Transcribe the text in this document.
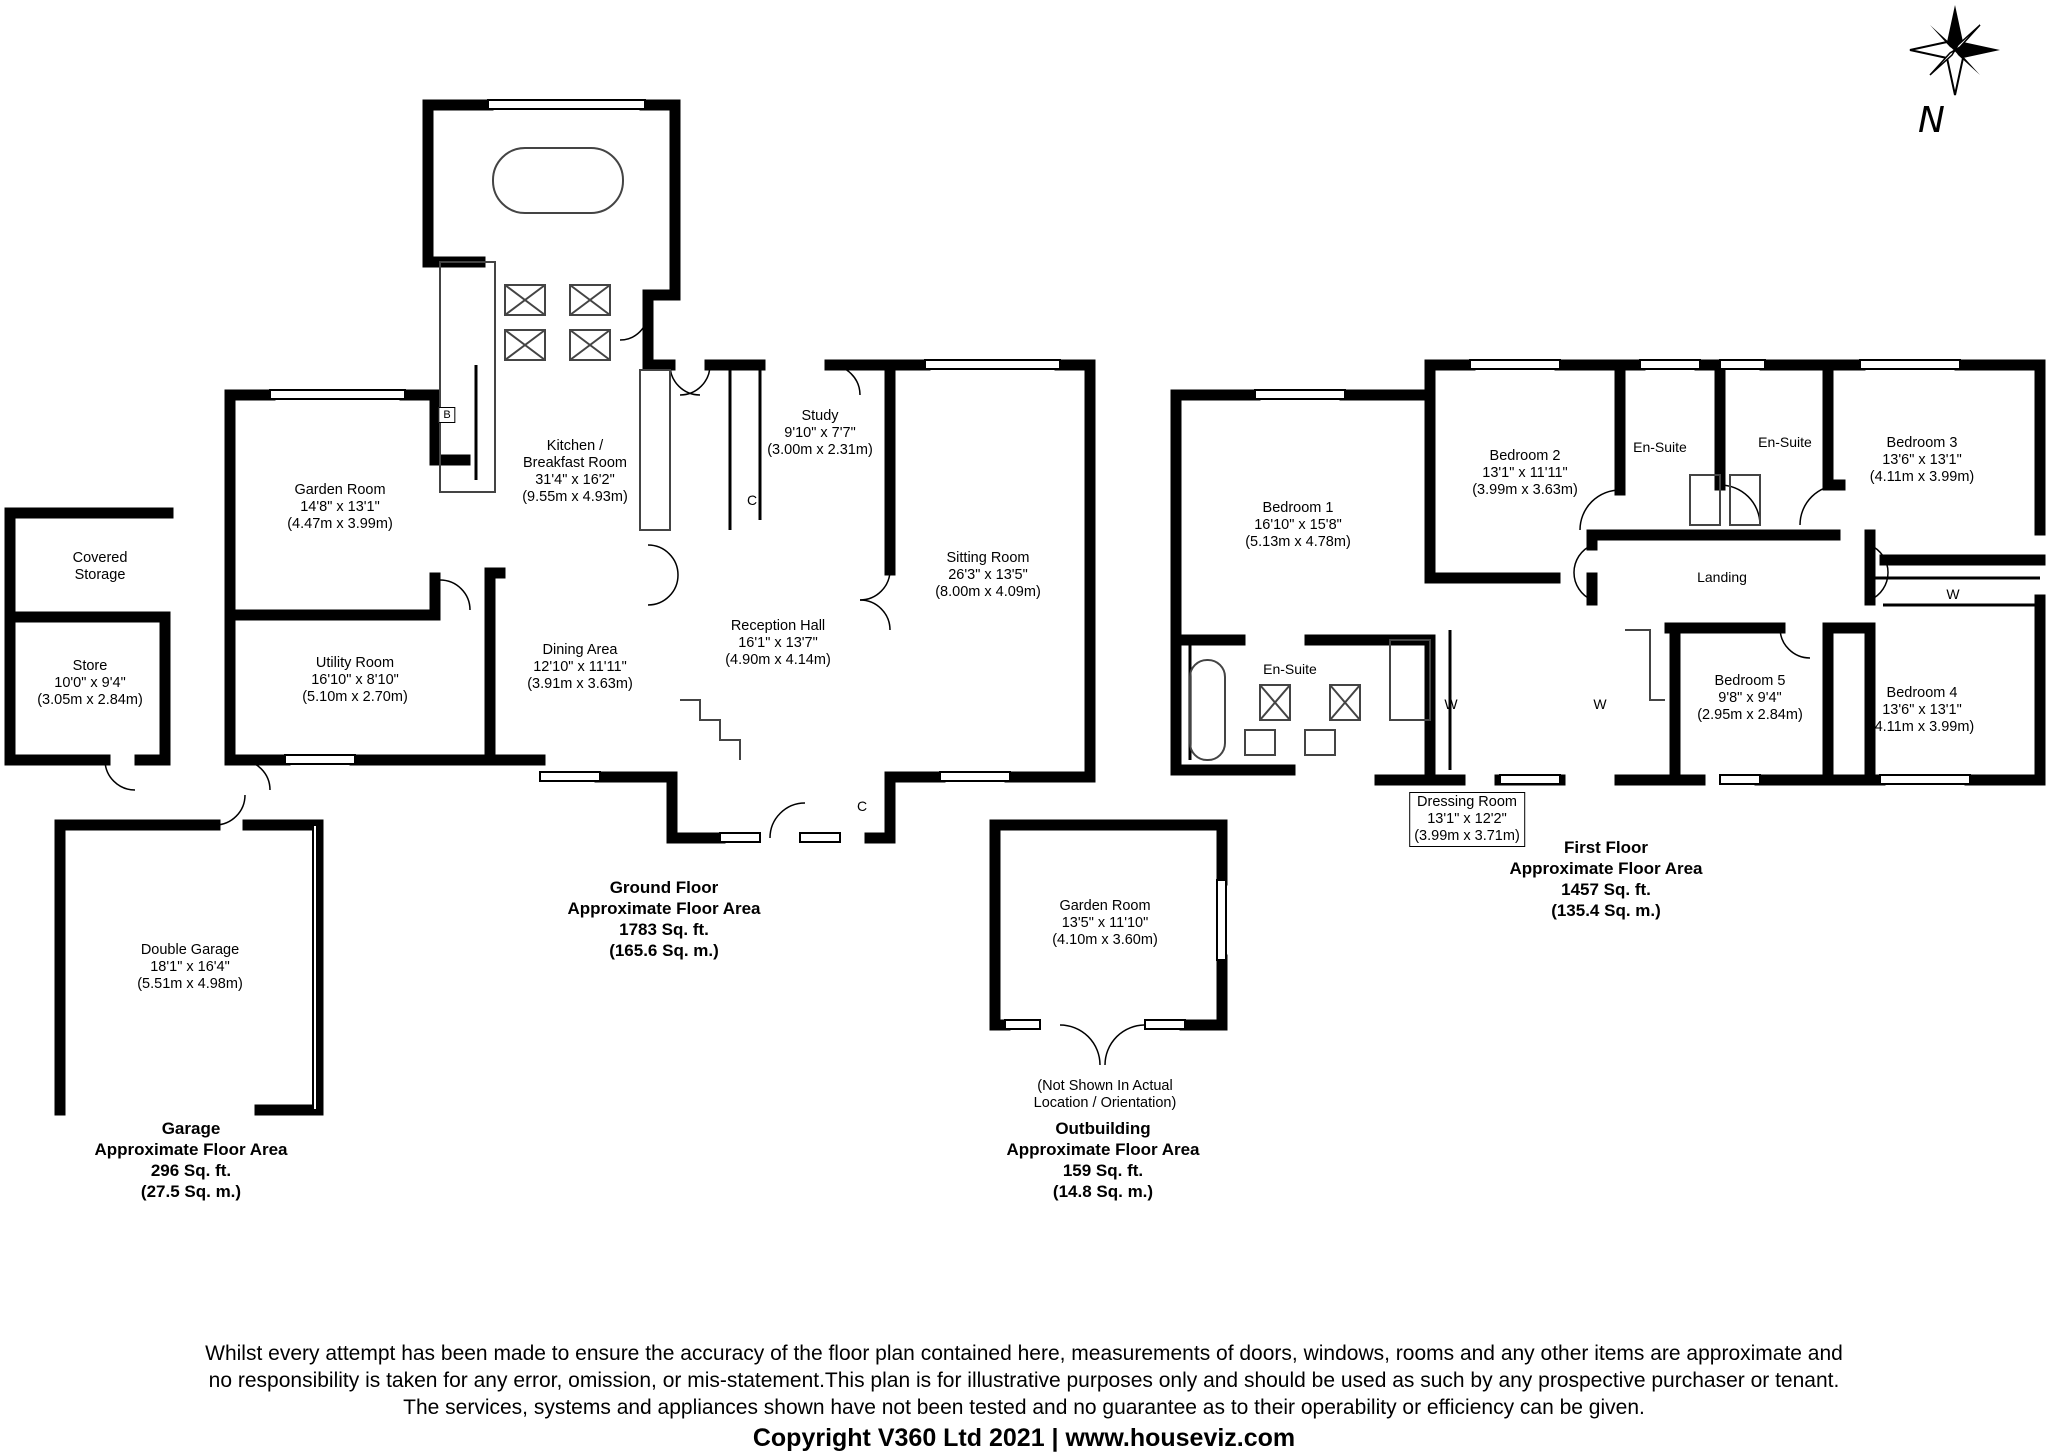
Kitchen /
Breakfast Room
31'4" x 16'2"
(9.55m x 4.93m)
Garden Room
14'8" x 13'1"
(4.47m x 3.99m)
Study
9'10" x 7'7"
(3.00m x 2.31m)
Sitting Room
26'3" x 13'5"
(8.00m x 4.09m)
Reception Hall
16'1" x 13'7"
(4.90m x 4.14m)
Dining Area
12'10" x 11'11"
(3.91m x 3.63m)
Utility Room
16'10" x 8'10"
(5.10m x 2.70m)
B
C
C
Covered
Storage
Store
10'0" x 9'4"
(3.05m x 2.84m)
Double Garage
18'1" x 16'4"
(5.51m x 4.98m)
Garden Room
13'5" x 11'10"
(4.10m x 3.60m)
(Not Shown In Actual
Location / Orientation)
Bedroom 1
16'10" x 15'8"
(5.13m x 4.78m)
Bedroom 2
13'1" x 11'11"
(3.99m x 3.63m)
Bedroom 3
13'6" x 13'1"
(4.11m x 3.99m)
Bedroom 4
13'6" x 13'1"
(4.11m x 3.99m)
Bedroom 5
9'8" x 9'4"
(2.95m x 2.84m)
Dressing Room
13'1" x 12'2"
(3.99m x 3.71m)
En-Suite	En-Suite
En-Suite
Landing
W
W
W	W
Ground Floor
Approximate Floor Area
1783 Sq. ft.
(165.6 Sq. m.)
Garage
Approximate Floor Area
296 Sq. ft.
(27.5 Sq. m.)
Outbuilding
Approximate Floor Area
159 Sq. ft.
(14.8 Sq. m.)
First Floor
Approximate Floor Area
1457 Sq. ft.
(135.4 Sq. m.)
N
Whilst every attempt has been made to ensure the accuracy of the floor plan contained here, measurements of doors, windows, rooms and any other items are approximate and
no responsibility is taken for any error, omission, or mis-statement.This plan is for illustrative purposes only and should be used as such by any prospective purchaser or tenant.
The services, systems and appliances shown have not been tested and no guarantee as to their operability or efficiency can be given.
Copyright V360 Ltd 2021 | www.houseviz.com
